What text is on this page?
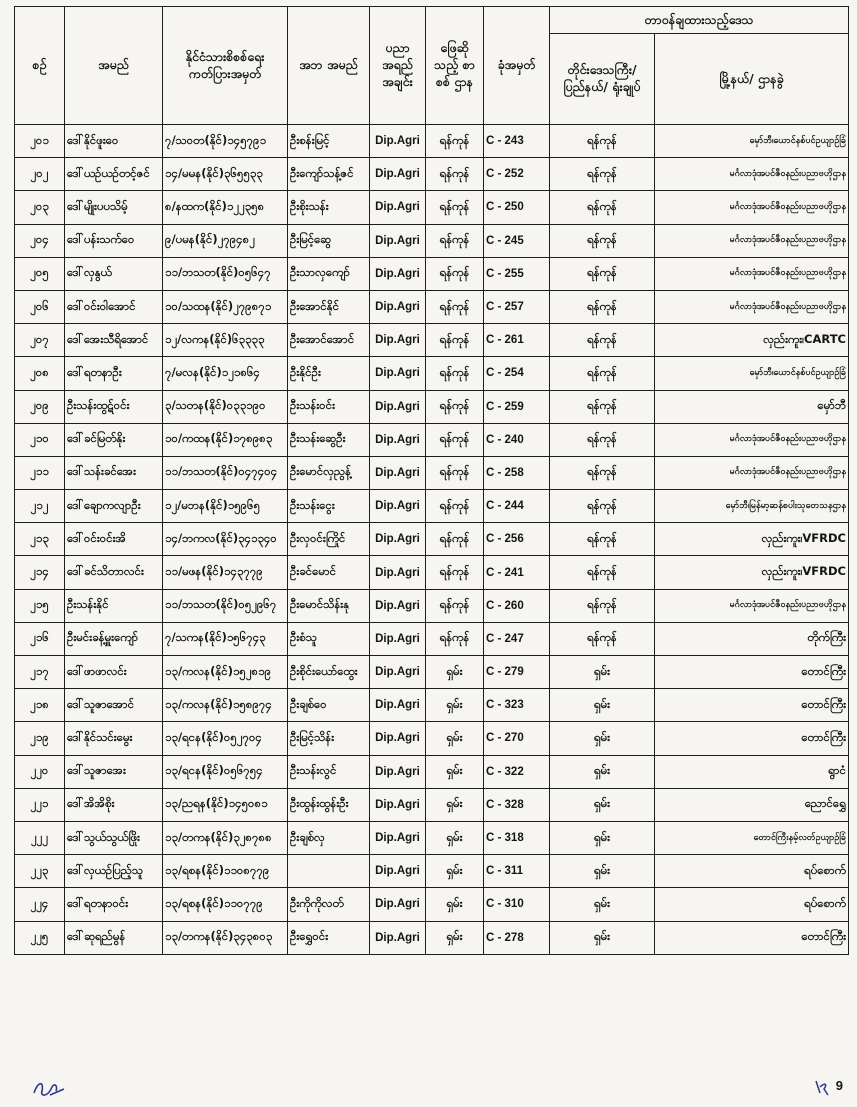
စဉ်	အမည်	နိုင်ငံသားစိစစ်ရေး ကတ်ပြားအမှတ်	အဘ အမည်	ပညာ အရည် အချင်း	ဖြေဆို သည့် စာစစ် ဌာန	ခုံအမှတ်	တာဝန်ချထားသည့်ဒေသ	
							တိုင်းဒေသကြီး/ ပြည်နယ်/ ရုံးချုပ်	မြို့နယ်/ ဌာနခွဲ
၂၀၁	ဒေါ်နိုင်ဖူးဝေ	၇/သဝတ(နိုင်)၁၄၅၇၉၁	ဦးစန်းမြင့်	Dip.Agri	ရန်ကုန်	C - 243	ရန်ကုန်	မှော်ဘီ၊ယောင်နစ်ပင်ဥယျာဉ်ခြံ
၂၀၂	ဒေါ်ယဉ်ယဉ်တင့်ဇင်	၁၄/မမန(နိုင်)၃၆၅၅၃၃	ဦးကျော်သန့်ဇင်	Dip.Agri	ရန်ကုန်	C - 252	ရန်ကုန်	မင်္ဂလာဒုံအပင်ဇီဝနည်းပညာဗဟိုဌာန
၂၀၃	ဒေါ်မျိုးပပသိမ့်	၈/နထက(နိုင်)၁၂၂၃၅၈	ဦးစိုးသန်း	Dip.Agri	ရန်ကုန်	C - 250	ရန်ကုန်	မင်္ဂလာဒုံအပင်ဇီဝနည်းပညာဗဟိုဌာန
၂၀၄	ဒေါ်ပန်းသက်ဝေ	၉/ပမန(နိုင်)၂၇၉၄၈၂	ဦးမြင့်ဆွေ	Dip.Agri	ရန်ကုန်	C - 245	ရန်ကုန်	မင်္ဂလာဒုံအပင်ဇီဝနည်းပညာဗဟိုဌာန
၂၀၅	ဒေါ်လှနွယ်	၁၁/ဘသတ(နိုင်)၀၅၆၄၇	ဦးသာလှကျော်	Dip.Agri	ရန်ကုန်	C - 255	ရန်ကုန်	မင်္ဂလာဒုံအပင်ဇီဝနည်းပညာဗဟိုဌာန
၂၀၆	ဒေါ်ဝင်းဝါအောင်	၁၀/သထန(နိုင်)၂၇၉၈၇၁	ဦးအောင်နိုင်	Dip.Agri	ရန်ကုန်	C - 257	ရန်ကုန်	မင်္ဂလာဒုံအပင်ဇီဝနည်းပညာဗဟိုဌာန
၂၀၇	ဒေါ်အေးသီရိအောင်	၁၂/လကန(နိုင်)၆၃၃၃၃	ဦးအောင်အောင်	Dip.Agri	ရန်ကုန်	C - 261	ရန်ကုန်	လှည်းကူး၊CARTC
၂၀၈	ဒေါ်ရတနာဦး	၇/မလန(နိုင်)၁၂၁၈၆၄	ဦးနိုင်ဦး	Dip.Agri	ရန်ကုန်	C - 254	ရန်ကုန်	မှော်ဘီ၊ယောင်နစ်ပင်ဥယျာဉ်ခြံ
၂၀၉	ဦးသန်းထွဋ်ဝင်း	၃/သတန(နိုင်)၀၃၃၁၉၀	ဦးသန်းဝင်း	Dip.Agri	ရန်ကုန်	C - 259	ရန်ကုန်	မှော်ဘီ
၂၁၀	ဒေါ်ခင်မြတ်နိုး	၁၀/ကထန(နိုင်)၁၇၈၉၈၃	ဦးသန်းဆွေဦး	Dip.Agri	ရန်ကုန်	C - 240	ရန်ကုန်	မင်္ဂလာဒုံအပင်ဇီဝနည်းပညာဗဟိုဌာန
၂၁၁	ဒေါ်သန်းခင်အေး	၁၁/ဘသတ(နိုင်)၀၄၇၄၀၄	ဦးမောင်လှညွန့်	Dip.Agri	ရန်ကုန်	C - 258	ရန်ကုန်	မင်္ဂလာဒုံအပင်ဇီဝနည်းပညာဗဟိုဌာန
၂၁၂	ဒေါ်ချောကလျာဦး	၁၂/မဘန(နိုင်)၁၅၉၆၅	ဦးသန်းငွေး	Dip.Agri	ရန်ကုန်	C - 244	ရန်ကုန်	မှော်ဘီ၊မြန်မာ့ဆန်စပါးသုတေသနဌာန
၂၁၃	ဒေါ်ဝင်းဝင်းအိ	၁၄/ဘကလ(နိုင်)၃၄၁၃၄၀	ဦးလှဝင်းကြိုင်	Dip.Agri	ရန်ကုန်	C - 256	ရန်ကုန်	လှည်းကူး၊VFRDC
၂၁၄	ဒေါ်ခင်သိတာလင်း	၁၁/မဖန(နိုင်)၁၄၃၇၇၉	ဦးခင်မောင်	Dip.Agri	ရန်ကုန်	C - 241	ရန်ကုန်	လှည်းကူး၊VFRDC
၂၁၅	ဦးသန်းနိုင်	၁၁/ဘသတ(နိုင်)၀၅၂၉၆၇	ဦးမောင်သိန်းနု	Dip.Agri	ရန်ကုန်	C - 260	ရန်ကုန်	မင်္ဂလာဒုံအပင်ဇီဝနည်းပညာဗဟိုဌာန
၂၁၆	ဦးမင်းခန့်မှူးကျော်	၇/သကန(နိုင်)၁၅၆၇၄၃	ဦးစံသူ	Dip.Agri	ရန်ကုန်	C - 247	ရန်ကုန်	တိုက်ကြီး
၂၁၇	ဒေါ်ဖာဖာလင်း	၁၃/ကလန(နိုင်)၁၅၂၈၁၉	ဦးစိုင်းယော်ထွေး	Dip.Agri	ရှမ်း	C - 279	ရှမ်း	တောင်ကြီး
၂၁၈	ဒေါ်သူဇာအောင်	၁၃/ကလန(နိုင်)၁၅၈၉၇၄	ဦးချစ်ဝေ	Dip.Agri	ရှမ်း	C - 323	ရှမ်း	တောင်ကြီး
၂၁၉	ဒေါ်နိုင်သင်းမွေး	၁၃/ရငန(နိုင်)၀၅၂၇၀၄	ဦးမြင့်သိန်း	Dip.Agri	ရှမ်း	C - 270	ရှမ်း	တောင်ကြီး
၂၂၀	ဒေါ်သူဇာအေး	၁၃/ရငန(နိုင်)၀၅၆၇၅၄	ဦးသန်းလွင်	Dip.Agri	ရှမ်း	C - 322	ရှမ်း	ရွာငံ
၂၂၁	ဒေါ်အိအိစိုး	၁၃/ညရန(နိုင်)၁၄၅၀၈၁	ဦးထွန်းထွန်းဦး	Dip.Agri	ရှမ်း	C - 328	ရှမ်း	ညောင်ရွှေ
၂၂၂	ဒေါ်သွယ်သွယ်ဖြိုး	၁၃/တကန(နိုင်)၃၂၈၇၈၈	ဦးချစ်လှ	Dip.Agri	ရှမ်း	C - 318	ရှမ်း	တောင်ကြီးနမ့်လတ်ဥယျာဉ်ခြံ
၂၂၃	ဒေါ်လှယဉ်ပြည့်သူ	၁၃/ရစန(နိုင်)၁၁၀၈၇၇၉		Dip.Agri	ရှမ်း	C - 311	ရှမ်း	ရပ်စောက်
၂၂၄	ဒေါ်ရတနာဝင်း	၁၃/ရစန(နိုင်)၁၁၀၇၇၉	ဦးကိုကိုလတ်	Dip.Agri	ရှမ်း	C - 310	ရှမ်း	ရပ်စောက်
၂၂၅	ဒေါ်ဆုရည်မွန်	၁၃/တကန(နိုင်)၃၄၃၈၀၃	ဦးရွှေဝင်း	Dip.Agri	ရှမ်း	C - 278	ရှမ်း	တောင်ကြီး
9
